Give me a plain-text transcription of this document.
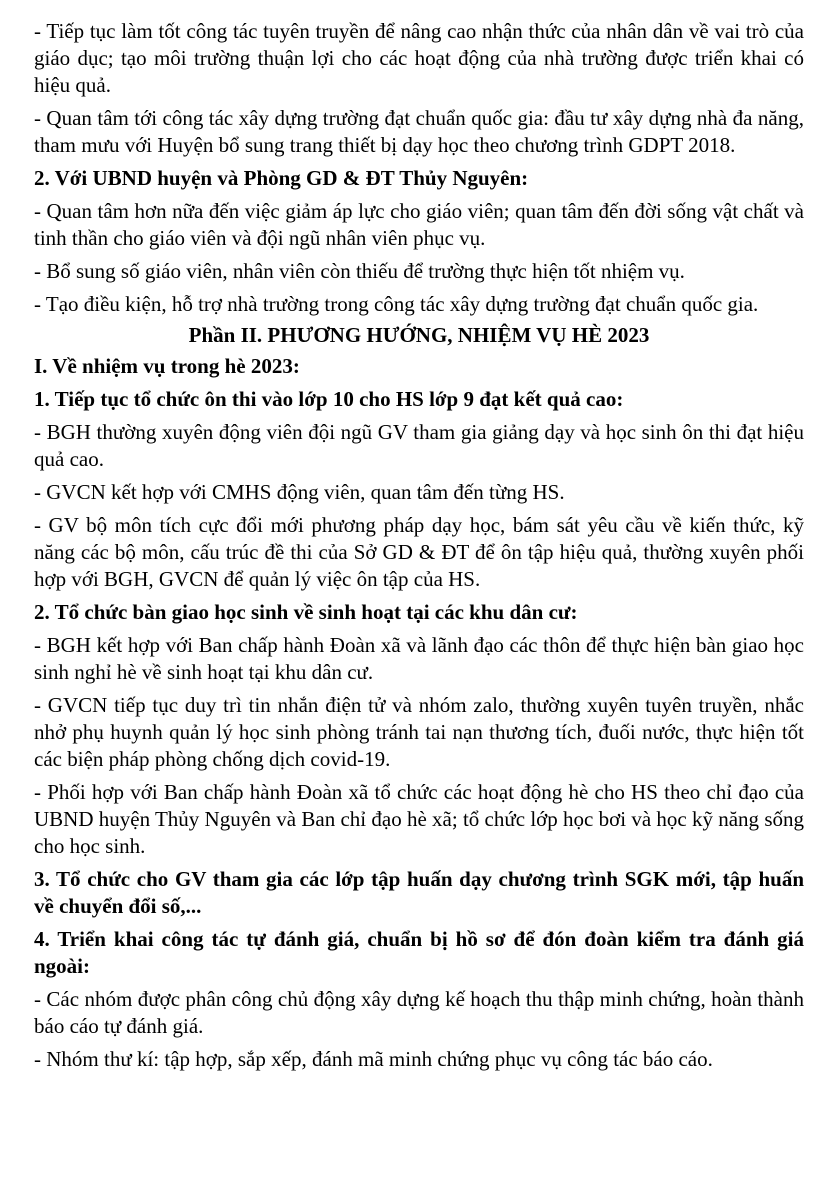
- Tiếp tục làm tốt công tác tuyên truyền để nâng cao nhận thức của nhân dân về vai trò của giáo dục; tạo môi trường thuận lợi cho các hoạt động của nhà trường được triển khai có hiệu quả.

- Quan tâm tới công tác xây dựng trường đạt chuẩn quốc gia: đầu tư xây dựng nhà đa năng, tham mưu với Huyện bổ sung trang thiết bị dạy học theo chương trình GDPT 2018.

2. Với UBND huyện và Phòng GD & ĐT Thủy Nguyên:

- Quan tâm hơn nữa đến việc giảm áp lực cho giáo viên; quan tâm đến đời sống vật chất và tinh thần cho giáo viên và đội ngũ nhân viên phục vụ.

- Bổ sung số giáo viên, nhân viên còn thiếu để trường thực hiện tốt nhiệm vụ.

- Tạo điều kiện, hỗ trợ nhà trường trong công tác xây dựng trường đạt chuẩn quốc gia.

Phần II. PHƯƠNG HƯỚNG, NHIỆM VỤ HÈ 2023

I. Về nhiệm vụ trong hè 2023:

1. Tiếp tục tổ chức ôn thi vào lớp 10 cho HS lớp 9 đạt kết quả cao:

- BGH thường xuyên động viên đội ngũ GV tham gia giảng dạy và học sinh ôn thi đạt hiệu quả cao.

- GVCN kết hợp với CMHS động viên, quan tâm đến từng HS.

- GV bộ môn tích cực đổi mới phương pháp dạy học, bám sát yêu cầu về kiến thức, kỹ năng các bộ môn, cấu trúc đề thi của Sở GD & ĐT để ôn tập hiệu quả, thường xuyên phối hợp với BGH, GVCN để quản lý việc ôn tập của HS.

2. Tổ chức bàn giao học sinh về sinh hoạt tại các khu dân cư:

- BGH kết hợp với Ban chấp hành Đoàn xã và lãnh đạo các thôn để thực hiện bàn giao học sinh nghỉ hè về sinh hoạt tại khu dân cư.

- GVCN tiếp tục duy trì tin nhắn điện tử và nhóm zalo, thường xuyên tuyên truyền, nhắc nhở phụ huynh quản lý học sinh phòng tránh tai nạn thương tích, đuối nước, thực hiện tốt các biện pháp phòng chống dịch covid-19.

- Phối hợp với Ban chấp hành Đoàn xã tổ chức các hoạt động hè cho HS theo chỉ đạo của UBND huyện Thủy Nguyên và Ban chỉ đạo hè xã; tổ chức lớp học bơi và học kỹ năng sống cho học sinh.

3. Tổ chức cho GV tham gia các lớp tập huấn dạy chương trình SGK mới, tập huấn về chuyển đổi số,...

4. Triển khai công tác tự đánh giá, chuẩn bị hồ sơ để đón đoàn kiểm tra đánh giá ngoài:

- Các nhóm được phân công chủ động xây dựng kế hoạch thu thập minh chứng, hoàn thành báo cáo tự đánh giá.

- Nhóm thư kí: tập hợp, sắp xếp, đánh mã minh chứng phục vụ công tác báo cáo.
